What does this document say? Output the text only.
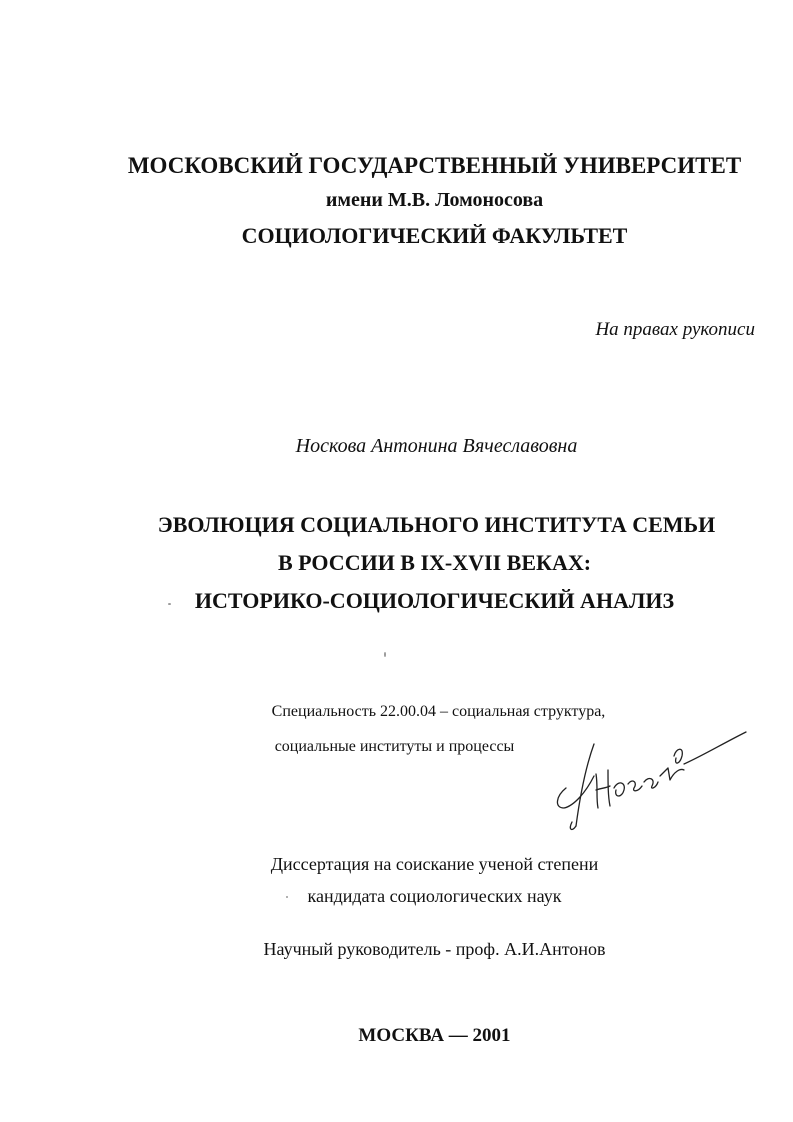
МОСКОВСКИЙ ГОСУДАРСТВЕННЫЙ УНИВЕРСИТЕТ
имени М.В. Ломоносова
СОЦИОЛОГИЧЕСКИЙ ФАКУЛЬТЕТ
На правах рукописи
Носкова Антонина Вячеславовна
ЭВОЛЮЦИЯ СОЦИАЛЬНОГО ИНСТИТУТА СЕМЬИ
В РОССИИ В IX-XVII ВЕКАХ:
ИСТОРИКО-СОЦИОЛОГИЧЕСКИЙ АНАЛИЗ
Специальность 22.00.04 – социальная структура,
социальные институты и процессы
Диссертация на соискание ученой степени
кандидата социологических наук
Научный руководитель - проф. А.И.Антонов
МОСКВА — 2001
